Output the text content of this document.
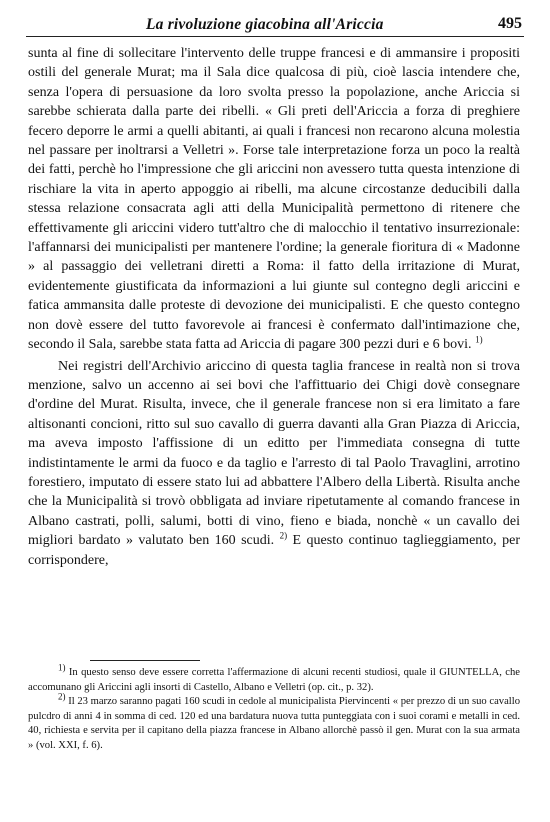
La rivoluzione giacobina all'Ariccia	495

sunta al fine di sollecitare l'intervento delle truppe francesi e di ammansire i propositi ostili del generale Murat; ma il Sala dice qualcosa di più, cioè lascia intendere che, senza l'opera di persuasione da loro svolta presso la popolazione, anche Ariccia si sarebbe schierata dalla parte dei ribelli. « Gli preti dell'Ariccia a forza di preghiere fecero deporre le armi a quelli abitanti, ai quali i francesi non recarono alcuna molestia nel passare per inoltrarsi a Velletri ». Forse tale interpretazione forza un poco la realtà dei fatti, perchè ho l'impressione che gli ariccini non avessero tutta questa intenzione di rischiare la vita in aperto appoggio ai ribelli, ma alcune circostanze deducibili dalla stessa relazione consacrata agli atti della Municipalità permettono di ritenere che effettivamente gli ariccini videro tutt'altro che di malocchio il tentativo insurrezionale: l'affannarsi dei municipalisti per mantenere l'ordine; la generale fioritura di « Madonne » al passaggio dei velletrani diretti a Roma: il fatto della irritazione di Murat, evidentemente giustificata da informazioni a lui giunte sul contegno degli ariccini e fatica ammansita dalle proteste di devozione dei municipalisti. E che questo contegno non dovè essere del tutto favorevole ai francesi è confermato dall'intimazione che, secondo il Sala, sarebbe stata fatta ad Ariccia di pagare 300 pezzi duri e 6 bovi. $^{1)}$

Nei registri dell'Archivio ariccino di questa taglia francese in realtà non si trova menzione, salvo un accenno ai sei bovi che l'affittuario dei Chigi dovè consegnare d'ordine del Murat. Risulta, invece, che il generale francese non si era limitato a fare altisonanti concioni, ritto sul suo cavallo di guerra davanti alla Gran Piazza di Ariccia, ma aveva imposto l'affissione di un editto per l'immediata consegna di tutte indistintamente le armi da fuoco e da taglio e l'arresto di tal Paolo Travaglini, arrotino forestiero, imputato di essere stato lui ad abbattere l'Albero della Libertà. Risulta anche che la Municipalità si trovò obbligata ad inviare ripetutamente al comando francese in Albano castrati, polli, salumi, botti di vino, fieno e biada, nonchè « un cavallo dei migliori bardato » valutato ben 160 scudi. $^{2)}$ E questo continuo taglieggiamento, per corrispondere,

$^{1)}$ In questo senso deve essere corretta l'affermazione di alcuni recenti studiosi, quale il GIUNTELLA, che accomunano gli Ariccini agli insorti di Castello, Albano e Velletri (op. cit., p. 32).

$^{2)}$ Il 23 marzo saranno pagati 160 scudi in cedole al municipalista Piervincenti « per prezzo di un suo cavallo pulcdro di anni 4 in somma di ced. 120 ed una bardatura nuova tutta punteggiata con i suoi corami e metalli in ced. 40, richiesta e servita per il capitano della piazza francese in Albano allorchè passò il gen. Murat con la sua armata » (vol. XXI, f. 6).
